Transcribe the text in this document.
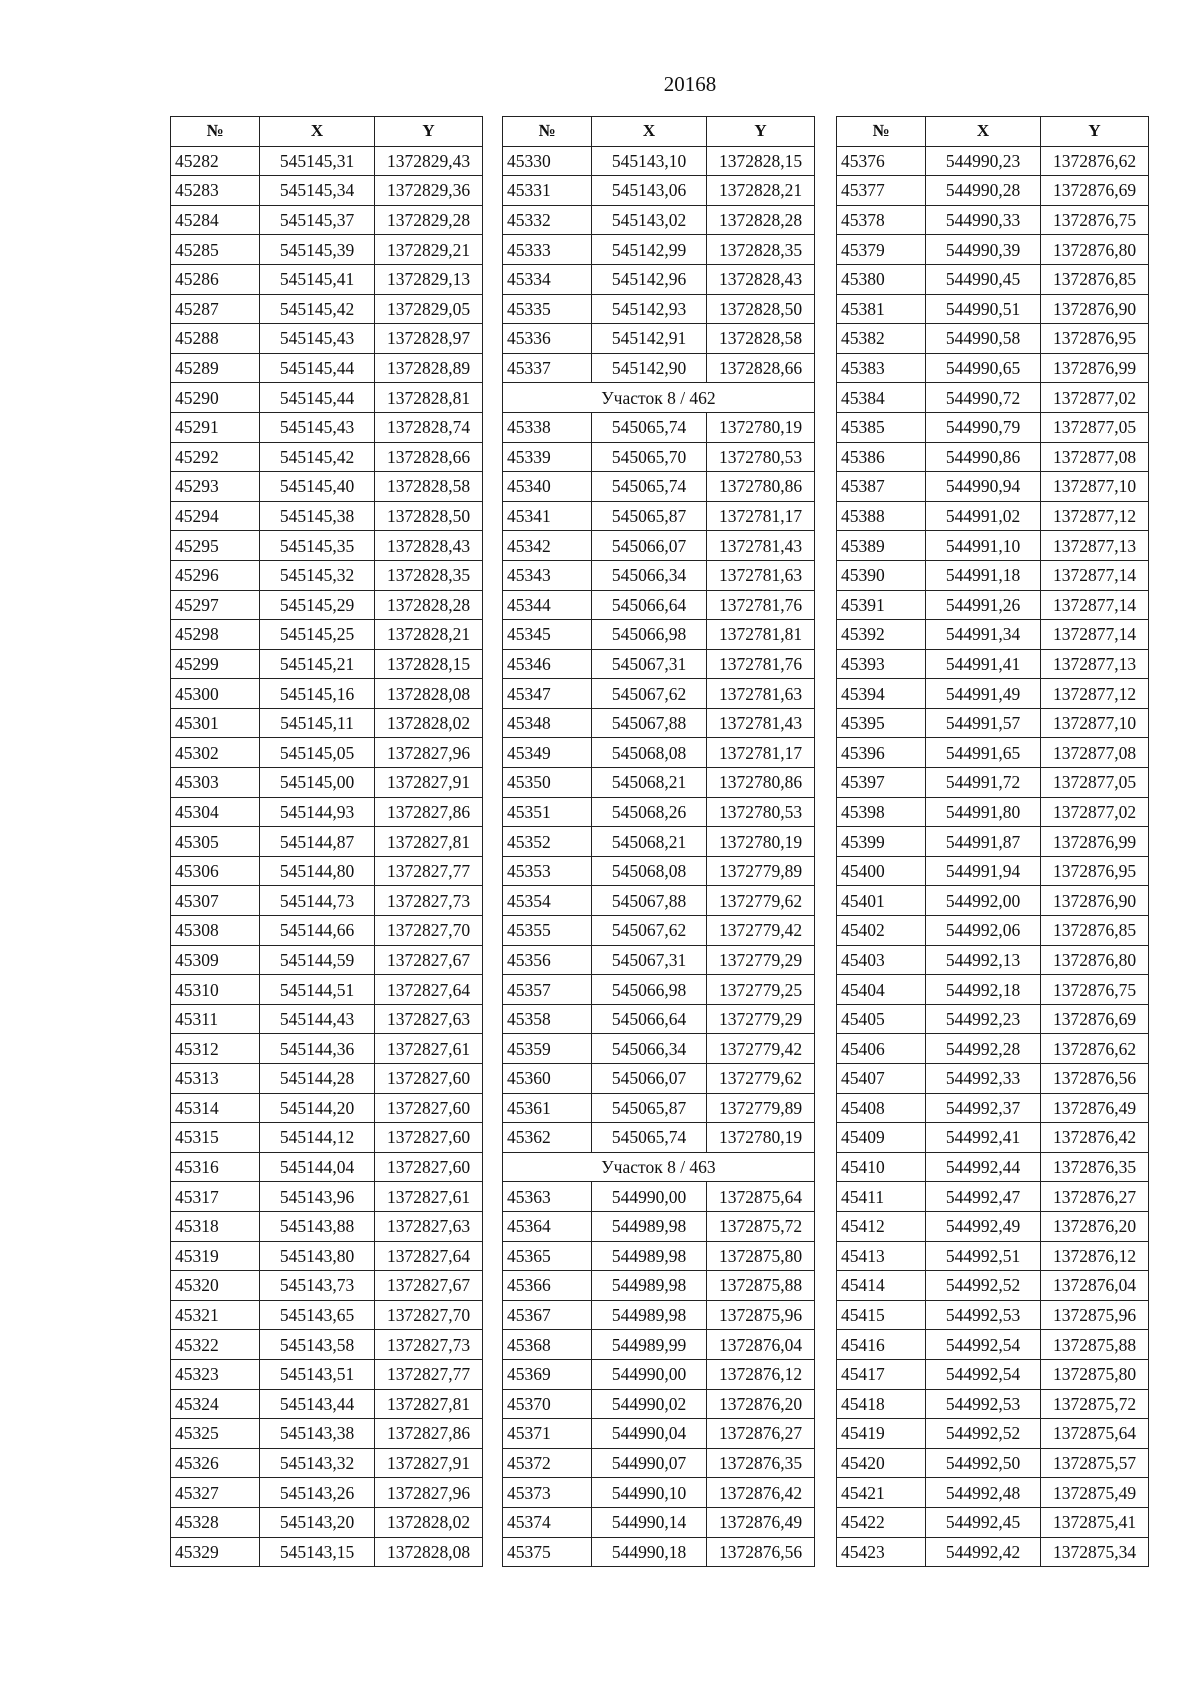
20168
№	X	Y
45282	545145,31	1372829,43
45283	545145,34	1372829,36
45284	545145,37	1372829,28
45285	545145,39	1372829,21
45286	545145,41	1372829,13
45287	545145,42	1372829,05
45288	545145,43	1372828,97
45289	545145,44	1372828,89
45290	545145,44	1372828,81
45291	545145,43	1372828,74
45292	545145,42	1372828,66
45293	545145,40	1372828,58
45294	545145,38	1372828,50
45295	545145,35	1372828,43
45296	545145,32	1372828,35
45297	545145,29	1372828,28
45298	545145,25	1372828,21
45299	545145,21	1372828,15
45300	545145,16	1372828,08
45301	545145,11	1372828,02
45302	545145,05	1372827,96
45303	545145,00	1372827,91
45304	545144,93	1372827,86
45305	545144,87	1372827,81
45306	545144,80	1372827,77
45307	545144,73	1372827,73
45308	545144,66	1372827,70
45309	545144,59	1372827,67
45310	545144,51	1372827,64
45311	545144,43	1372827,63
45312	545144,36	1372827,61
45313	545144,28	1372827,60
45314	545144,20	1372827,60
45315	545144,12	1372827,60
45316	545144,04	1372827,60
45317	545143,96	1372827,61
45318	545143,88	1372827,63
45319	545143,80	1372827,64
45320	545143,73	1372827,67
45321	545143,65	1372827,70
45322	545143,58	1372827,73
45323	545143,51	1372827,77
45324	545143,44	1372827,81
45325	545143,38	1372827,86
45326	545143,32	1372827,91
45327	545143,26	1372827,96
45328	545143,20	1372828,02
45329	545143,15	1372828,08
№	X	Y
45330	545143,10	1372828,15
45331	545143,06	1372828,21
45332	545143,02	1372828,28
45333	545142,99	1372828,35
45334	545142,96	1372828,43
45335	545142,93	1372828,50
45336	545142,91	1372828,58
45337	545142,90	1372828,66
Участок 8 / 462		
45338	545065,74	1372780,19
45339	545065,70	1372780,53
45340	545065,74	1372780,86
45341	545065,87	1372781,17
45342	545066,07	1372781,43
45343	545066,34	1372781,63
45344	545066,64	1372781,76
45345	545066,98	1372781,81
45346	545067,31	1372781,76
45347	545067,62	1372781,63
45348	545067,88	1372781,43
45349	545068,08	1372781,17
45350	545068,21	1372780,86
45351	545068,26	1372780,53
45352	545068,21	1372780,19
45353	545068,08	1372779,89
45354	545067,88	1372779,62
45355	545067,62	1372779,42
45356	545067,31	1372779,29
45357	545066,98	1372779,25
45358	545066,64	1372779,29
45359	545066,34	1372779,42
45360	545066,07	1372779,62
45361	545065,87	1372779,89
45362	545065,74	1372780,19
Участок 8 / 463		
45363	544990,00	1372875,64
45364	544989,98	1372875,72
45365	544989,98	1372875,80
45366	544989,98	1372875,88
45367	544989,98	1372875,96
45368	544989,99	1372876,04
45369	544990,00	1372876,12
45370	544990,02	1372876,20
45371	544990,04	1372876,27
45372	544990,07	1372876,35
45373	544990,10	1372876,42
45374	544990,14	1372876,49
45375	544990,18	1372876,56
№	X	Y
45376	544990,23	1372876,62
45377	544990,28	1372876,69
45378	544990,33	1372876,75
45379	544990,39	1372876,80
45380	544990,45	1372876,85
45381	544990,51	1372876,90
45382	544990,58	1372876,95
45383	544990,65	1372876,99
45384	544990,72	1372877,02
45385	544990,79	1372877,05
45386	544990,86	1372877,08
45387	544990,94	1372877,10
45388	544991,02	1372877,12
45389	544991,10	1372877,13
45390	544991,18	1372877,14
45391	544991,26	1372877,14
45392	544991,34	1372877,14
45393	544991,41	1372877,13
45394	544991,49	1372877,12
45395	544991,57	1372877,10
45396	544991,65	1372877,08
45397	544991,72	1372877,05
45398	544991,80	1372877,02
45399	544991,87	1372876,99
45400	544991,94	1372876,95
45401	544992,00	1372876,90
45402	544992,06	1372876,85
45403	544992,13	1372876,80
45404	544992,18	1372876,75
45405	544992,23	1372876,69
45406	544992,28	1372876,62
45407	544992,33	1372876,56
45408	544992,37	1372876,49
45409	544992,41	1372876,42
45410	544992,44	1372876,35
45411	544992,47	1372876,27
45412	544992,49	1372876,20
45413	544992,51	1372876,12
45414	544992,52	1372876,04
45415	544992,53	1372875,96
45416	544992,54	1372875,88
45417	544992,54	1372875,80
45418	544992,53	1372875,72
45419	544992,52	1372875,64
45420	544992,50	1372875,57
45421	544992,48	1372875,49
45422	544992,45	1372875,41
45423	544992,42	1372875,34
